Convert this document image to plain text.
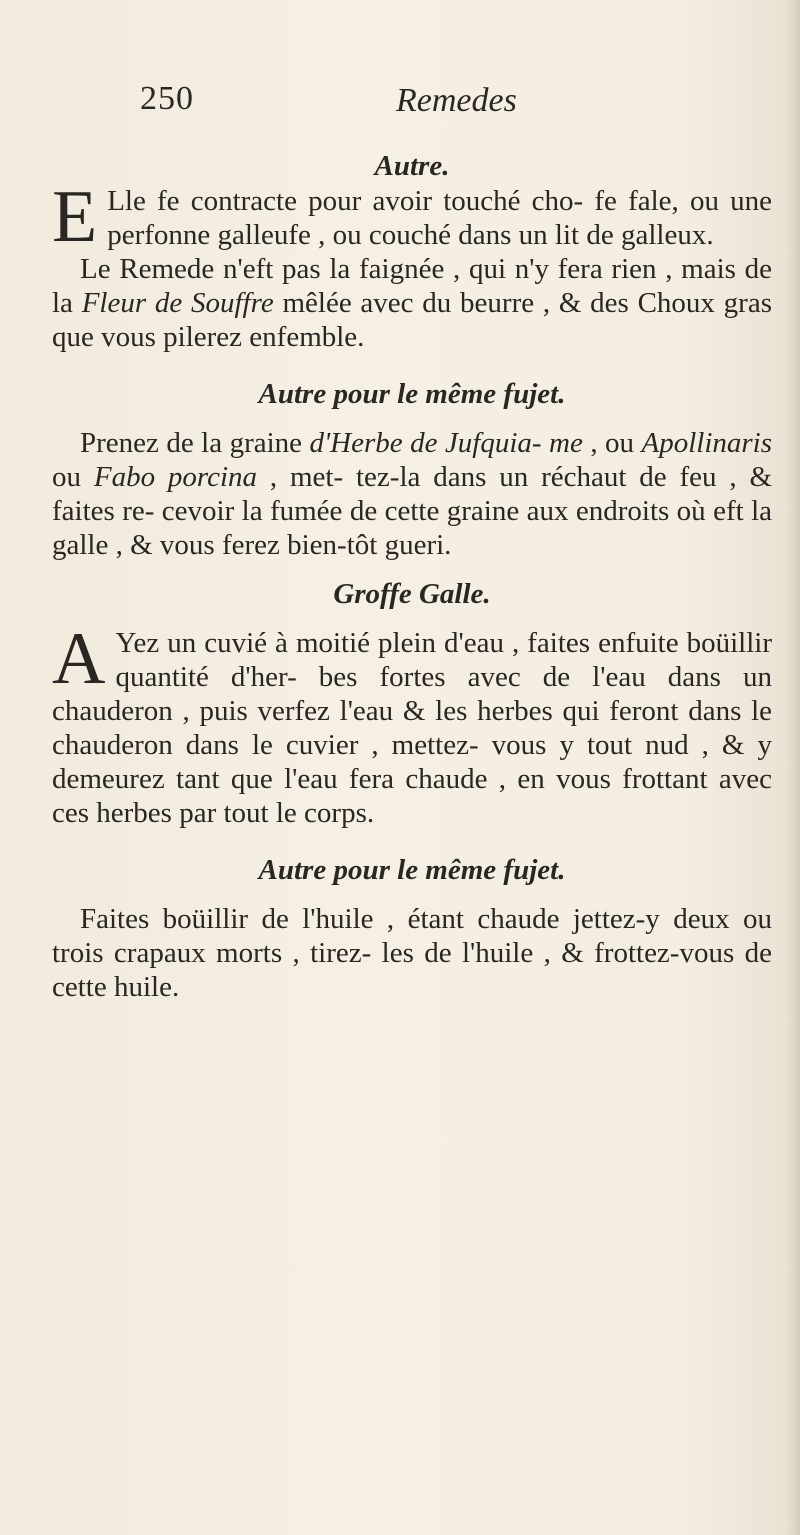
250	Remedes
Autre.

E Lle fe contracte pour avoir touché cho- fe fale, ou une perfonne galleufe , ou couché dans un lit de galleux.

Le Remede n'eft pas la faignée , qui n'y fera rien , mais de la Fleur de Souffre mêlée avec du beurre , & des Choux gras que vous pilerez enfemble.

Autre pour le même fujet.

Prenez de la graine d'Herbe de Jufquia- me , ou Apollinaris ou Fabo porcina , met- tez-la dans un réchaut de feu , & faites re- cevoir la fumée de cette graine aux endroits où eft la galle , & vous ferez bien-tôt gueri.

Groffe Galle.

A Yez un cuvié à moitié plein d'eau , faites enfuite boüillir quantité d'her- bes fortes avec de l'eau dans un chauderon , puis verfez l'eau & les herbes qui feront dans le chauderon dans le cuvier , mettez- vous y tout nud , & y demeurez tant que l'eau fera chaude , en vous frottant avec ces herbes par tout le corps.

Autre pour le même fujet.

Faites boüillir de l'huile , étant chaude jettez-y deux ou trois crapaux morts , tirez- les de l'huile , & frottez-vous de cette huile.
